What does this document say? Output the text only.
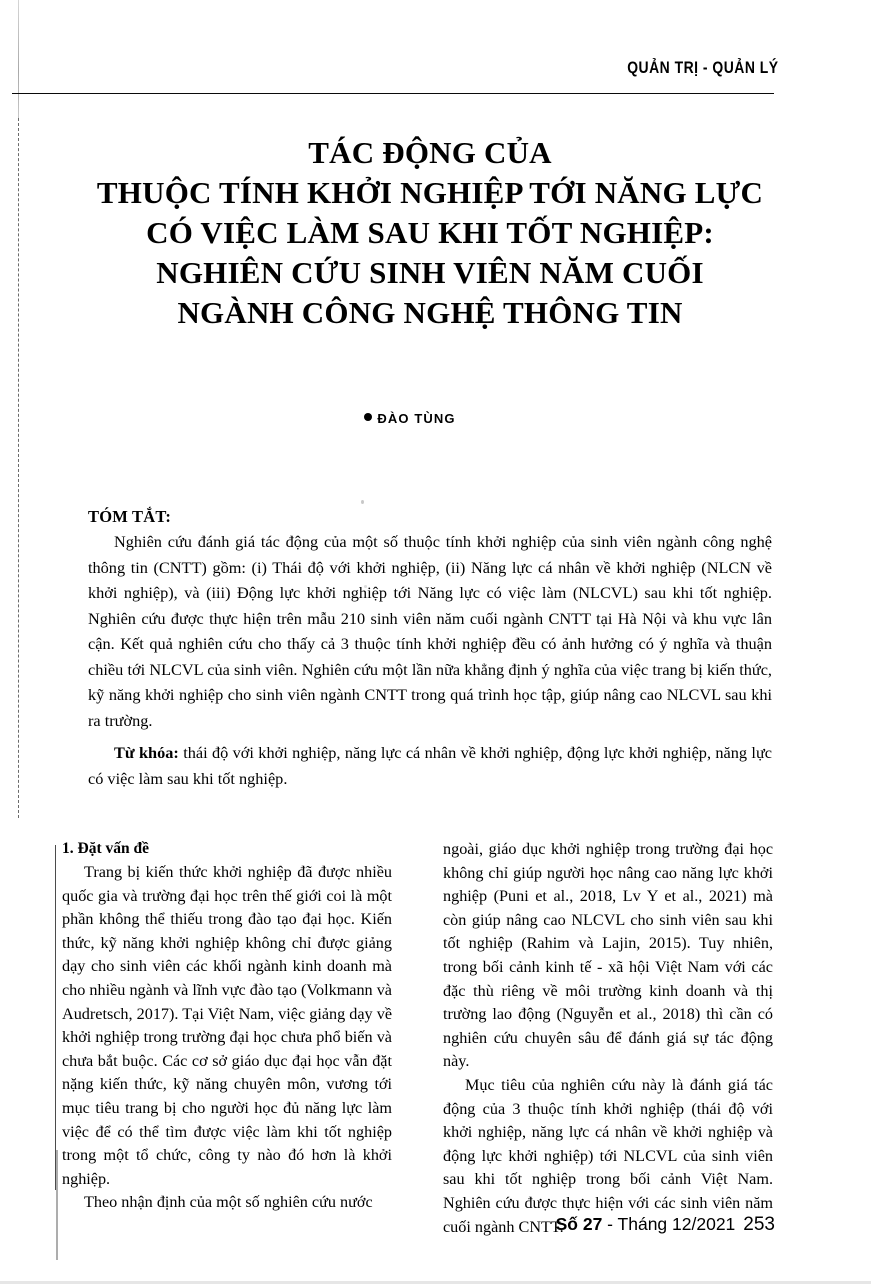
QUẢN TRỊ - QUẢN LÝ
TÁC ĐỘNG CỦA
THUỘC TÍNH KHỞI NGHIỆP TỚI NĂNG LỰC
CÓ VIỆC LÀM SAU KHI TỐT NGHIỆP:
NGHIÊN CỨU SINH VIÊN NĂM CUỐI
NGÀNH CÔNG NGHỆ THÔNG TIN
ĐÀO TÙNG
TÓM TẮT:

Nghiên cứu đánh giá tác động của một số thuộc tính khởi nghiệp của sinh viên ngành công nghệ thông tin (CNTT) gồm: (i) Thái độ với khởi nghiệp, (ii) Năng lực cá nhân về khởi nghiệp (NLCN về khởi nghiệp), và (iii) Động lực khởi nghiệp tới Năng lực có việc làm (NLCVL) sau khi tốt nghiệp. Nghiên cứu được thực hiện trên mẫu 210 sinh viên năm cuối ngành CNTT tại Hà Nội và khu vực lân cận. Kết quả nghiên cứu cho thấy cả 3 thuộc tính khởi nghiệp đều có ảnh hưởng có ý nghĩa và thuận chiều tới NLCVL của sinh viên. Nghiên cứu một lần nữa khẳng định ý nghĩa của việc trang bị kiến thức, kỹ năng khởi nghiệp cho sinh viên ngành CNTT trong quá trình học tập, giúp nâng cao NLCVL sau khi ra trường.

Từ khóa: thái độ với khởi nghiệp, năng lực cá nhân về khởi nghiệp, động lực khởi nghiệp, năng lực có việc làm sau khi tốt nghiệp.

1. Đặt vấn đề

Trang bị kiến thức khởi nghiệp đã được nhiều quốc gia và trường đại học trên thế giới coi là một phần không thể thiếu trong đào tạo đại học. Kiến thức, kỹ năng khởi nghiệp không chỉ được giảng dạy cho sinh viên các khối ngành kinh doanh mà cho nhiều ngành và lĩnh vực đào tạo (Volkmann và Audretsch, 2017). Tại Việt Nam, việc giảng dạy về khởi nghiệp trong trường đại học chưa phổ biến và chưa bắt buộc. Các cơ sở giáo dục đại học vẫn đặt nặng kiến thức, kỹ năng chuyên môn, vương tới mục tiêu trang bị cho người học đủ năng lực làm việc để có thể tìm được việc làm khi tốt nghiệp trong một tổ chức, công ty nào đó hơn là khởi nghiệp.

Theo nhận định của một số nghiên cứu nước

ngoài, giáo dục khởi nghiệp trong trường đại học không chỉ giúp người học nâng cao năng lực khởi nghiệp (Puni et al., 2018, Lv Y et al., 2021) mà còn giúp nâng cao NLCVL cho sinh viên sau khi tốt nghiệp (Rahim và Lajin, 2015). Tuy nhiên, trong bối cảnh kinh tế - xã hội Việt Nam với các đặc thù riêng về môi trường kinh doanh và thị trường lao động (Nguyễn et al., 2018) thì cần có nghiên cứu chuyên sâu để đánh giá sự tác động này.

Mục tiêu của nghiên cứu này là đánh giá tác động của 3 thuộc tính khởi nghiệp (thái độ với khởi nghiệp, năng lực cá nhân về khởi nghiệp và động lực khởi nghiệp) tới NLCVL của sinh viên sau khi tốt nghiệp trong bối cảnh Việt Nam. Nghiên cứu được thực hiện với các sinh viên năm cuối ngành CNTT.

Số 27 - Tháng 12/2021 253
